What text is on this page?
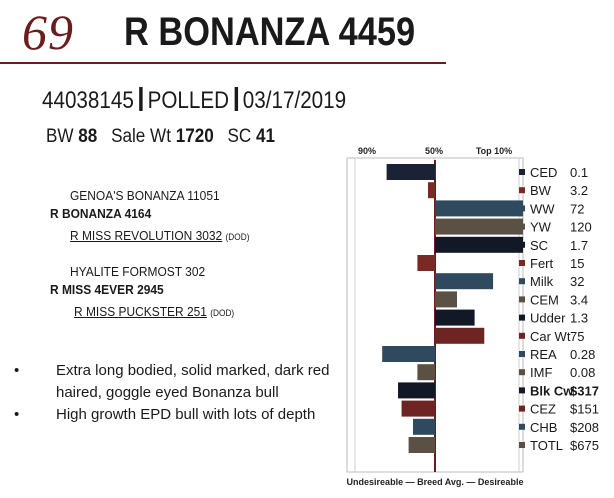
69 R BONANZA 4459
44038145 POLLED 03/17/2019
BW 88 Sale Wt 1720 SC 41
GENOA'S BONANZA 11051
R BONANZA 4164
R MISS REVOLUTION 3032 (DOD)
HYALITE FORMOST 302
R MISS 4EVER 2945
R MISS PUCKSTER 251 (DOD)
• Extra long bodied, solid marked, dark red
haired, goggle eyed Bonanza bull
• High growth EPD bull with lots of depth
90%	50%	Top 10%
Undesireable — Breed Avg. — Desireable
CED 0.1
BW 3.2
WW 72
YW 120
SC 1.7
Fert 15
Milk 32
CEM 3.4
Udder 1.3
Car Wt 75
REA 0.28
IMF 0.08
Blk Cw
$317
CEZ $151
CHB $208
TOTL $675
